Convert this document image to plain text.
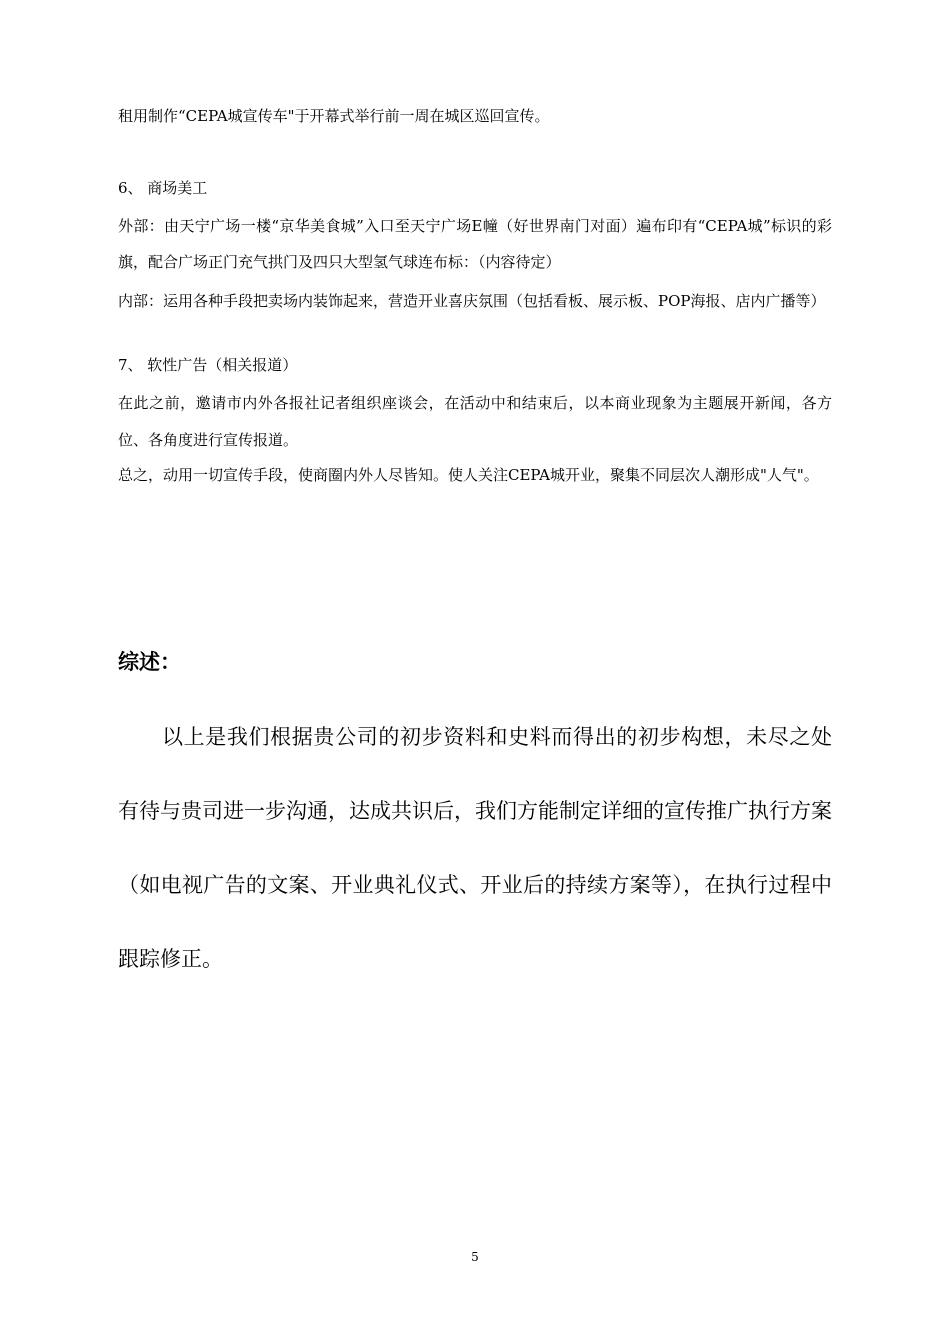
租用制作“CEPA城宣传车"于开幕式举行前一周在城区巡回宣传。
6、 商场美工
外部：由天宁广场一楼“京华美食城”入口至天宁广场E幢（好世界南门对面）遍布印有“CEPA城”标识的彩旗，配合广场正门充气拱门及四只大型氢气球连布标：（内容待定）
内部：运用各种手段把卖场内装饰起来，营造开业喜庆氛围（包括看板、展示板、POP海报、店内广播等）
7、 软性广告（相关报道）
在此之前，邀请市内外各报社记者组织座谈会，在活动中和结束后，以本商业现象为主题展开新闻，各方位、各角度进行宣传报道。
总之，动用一切宣传手段，使商圈内外人尽皆知。使人关注CEPA城开业，聚集不同层次人潮形成"人气"。
综述：

以上是我们根据贵公司的初步资料和史料而得出的初步构想，未尽之处有待与贵司进一步沟通，达成共识后，我们方能制定详细的宣传推广执行方案（如电视广告的文案、开业典礼仪式、开业后的持续方案等），在执行过程中跟踪修正。

5
